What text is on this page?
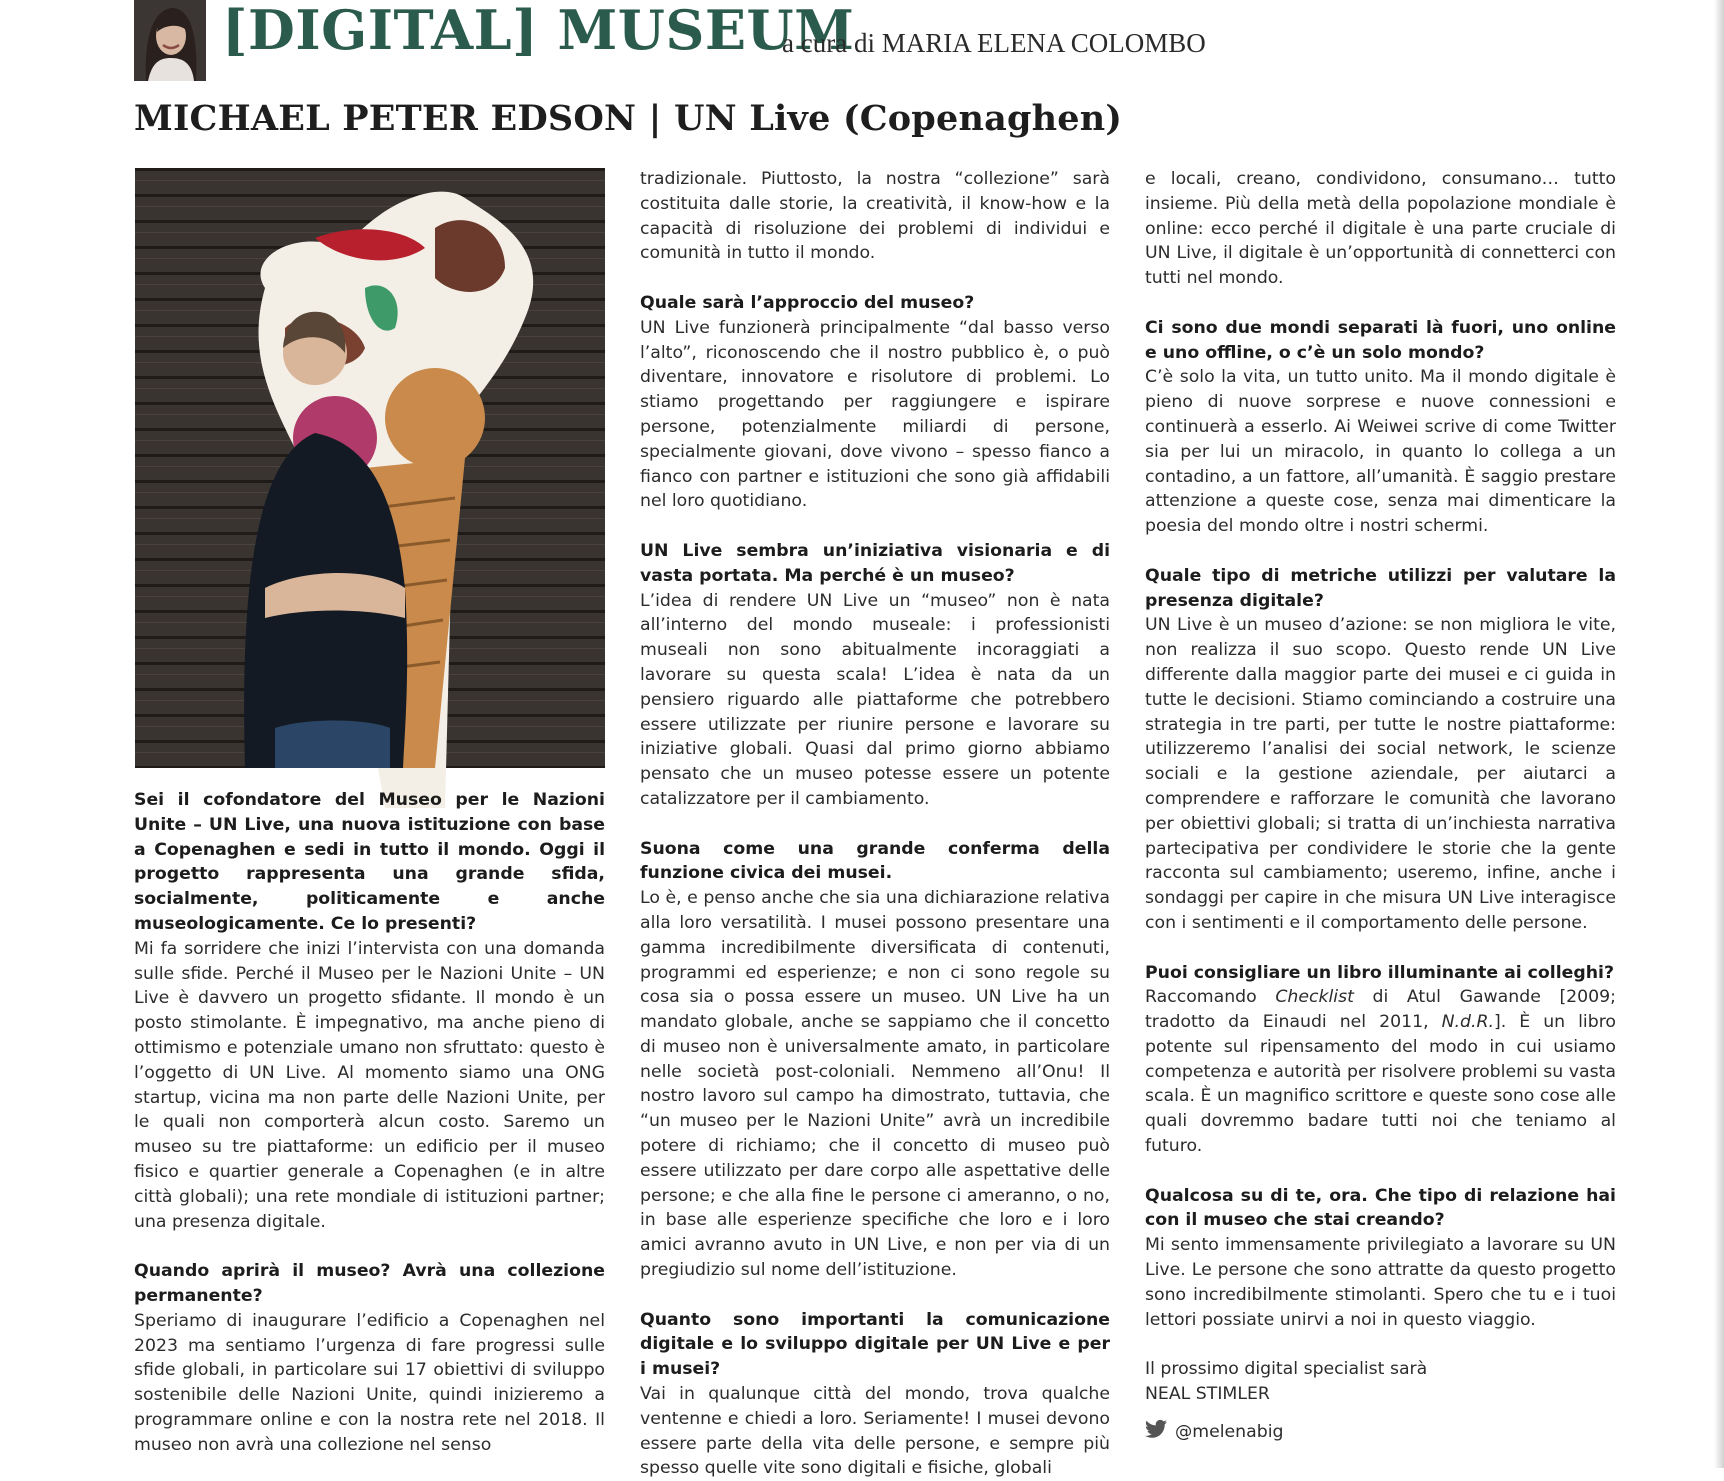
[DIGITAL] MUSEUM
a cura di MARIA ELENA COLOMBO
MICHAEL PETER EDSON | UN Live (Copenaghen)

Sei il cofondatore del Museo per le Nazioni Unite – UN Live, una nuova istituzione con base a Copenaghen e sedi in tutto il mondo. Oggi il progetto rappresenta una grande sfida, socialmente, politicamente e anche museologicamente. Ce lo presenti?
Mi fa sorridere che inizi l’intervista con una domanda sulle sfide. Perché il Museo per le Nazioni Unite – UN Live è davvero un progetto sfidante. Il mondo è un posto stimolante. È impegnativo, ma anche pieno di ottimismo e potenziale umano non sfruttato: questo è l’oggetto di UN Live. Al momento siamo una ONG startup, vicina ma non parte delle Nazioni Unite, per le quali non comporterà alcun costo. Saremo un museo su tre piattaforme: un edificio per il museo fisico e quartier generale a Copenaghen (e in altre città globali); una rete mondiale di istituzioni partner; una presenza digitale.

Quando aprirà il museo? Avrà una collezione permanente?
Speriamo di inaugurare l’edificio a Copenaghen nel 2023 ma sentiamo l’urgenza di fare progressi sulle sfide globali, in particolare sui 17 obiettivi di sviluppo sostenibile delle Nazioni Unite, quindi inizieremo a programmare online e con la nostra rete nel 2018. Il museo non avrà una collezione nel senso

tradizionale. Piuttosto, la nostra “collezione” sarà costituita dalle storie, la creatività, il know-how e la capacità di risoluzione dei problemi di individui e comunità in tutto il mondo.

Quale sarà l’approccio del museo?
UN Live funzionerà principalmente “dal basso verso l’alto”, riconoscendo che il nostro pubblico è, o può diventare, innovatore e risolutore di problemi. Lo stiamo progettando per raggiungere e ispirare persone, potenzialmente miliardi di persone, specialmente giovani, dove vivono – spesso fianco a fianco con partner e istituzioni che sono già affidabili nel loro quotidiano.

UN Live sembra un’iniziativa visionaria e di vasta portata. Ma perché è un museo?
L’idea di rendere UN Live un “museo” non è nata all’interno del mondo museale: i professionisti museali non sono abitualmente incoraggiati a lavorare su questa scala! L’idea è nata da un pensiero riguardo alle piattaforme che potrebbero essere utilizzate per riunire persone e lavorare su iniziative globali. Quasi dal primo giorno abbiamo pensato che un museo potesse essere un potente catalizzatore per il cambiamento.

Suona come una grande conferma della funzione civica dei musei.
Lo è, e penso anche che sia una dichiarazione relativa alla loro versatilità. I musei possono presentare una gamma incredibilmente diversificata di contenuti, programmi ed esperienze; e non ci sono regole su cosa sia o possa essere un museo. UN Live ha un mandato globale, anche se sappiamo che il concetto di museo non è universalmente amato, in particolare nelle società post-coloniali. Nemmeno all’Onu! Il nostro lavoro sul campo ha dimostrato, tuttavia, che “un museo per le Nazioni Unite” avrà un incredibile potere di richiamo; che il concetto di museo può essere utilizzato per dare corpo alle aspettative delle persone; e che alla fine le persone ci ameranno, o no, in base alle esperienze specifiche che loro e i loro amici avranno avuto in UN Live, e non per via di un pregiudizio sul nome dell’istituzione.

Quanto sono importanti la comunicazione digitale e lo sviluppo digitale per UN Live e per i musei?
Vai in qualunque città del mondo, trova qualche ventenne e chiedi a loro. Seriamente! I musei devono essere parte della vita delle persone, e sempre più spesso quelle vite sono digitali e fisiche, globali

e locali, creano, condividono, consumano… tutto insieme. Più della metà della popolazione mondiale è online: ecco perché il digitale è una parte cruciale di UN Live, il digitale è un’opportunità di connetterci con tutti nel mondo.

Ci sono due mondi separati là fuori, uno online e uno offline, o c’è un solo mondo?
C’è solo la vita, un tutto unito. Ma il mondo digitale è pieno di nuove sorprese e nuove connessioni e continuerà a esserlo. Ai Weiwei scrive di come Twitter sia per lui un miracolo, in quanto lo collega a un contadino, a un fattore, all’umanità. È saggio prestare attenzione a queste cose, senza mai dimenticare la poesia del mondo oltre i nostri schermi.

Quale tipo di metriche utilizzi per valutare la presenza digitale?
UN Live è un museo d’azione: se non migliora le vite, non realizza il suo scopo. Questo rende UN Live differente dalla maggior parte dei musei e ci guida in tutte le decisioni. Stiamo cominciando a costruire una strategia in tre parti, per tutte le nostre piattaforme: utilizzeremo l’analisi dei social network, le scienze sociali e la gestione aziendale, per aiutarci a comprendere e rafforzare le comunità che lavorano per obiettivi globali; si tratta di un’inchiesta narrativa partecipativa per condividere le storie che la gente racconta sul cambiamento; useremo, infine, anche i sondaggi per capire in che misura UN Live interagisce con i sentimenti e il comportamento delle persone.

Puoi consigliare un libro illuminante ai colleghi?
Raccomando Checklist di Atul Gawande [2009; tradotto da Einaudi nel 2011, N.d.R.]. È un libro potente sul ripensamento del modo in cui usiamo competenza e autorità per risolvere problemi su vasta scala. È un magnifico scrittore e queste sono cose alle quali dovremmo badare tutti noi che teniamo al futuro.

Qualcosa su di te, ora. Che tipo di relazione hai con il museo che stai creando?
Mi sento immensamente privilegiato a lavorare su UN Live. Le persone che sono attratte da questo progetto sono incredibilmente stimolanti. Spero che tu e i tuoi lettori possiate unirvi a noi in questo viaggio.

Il prossimo digital specialist sarà
NEAL STIMLER

@melenabig
